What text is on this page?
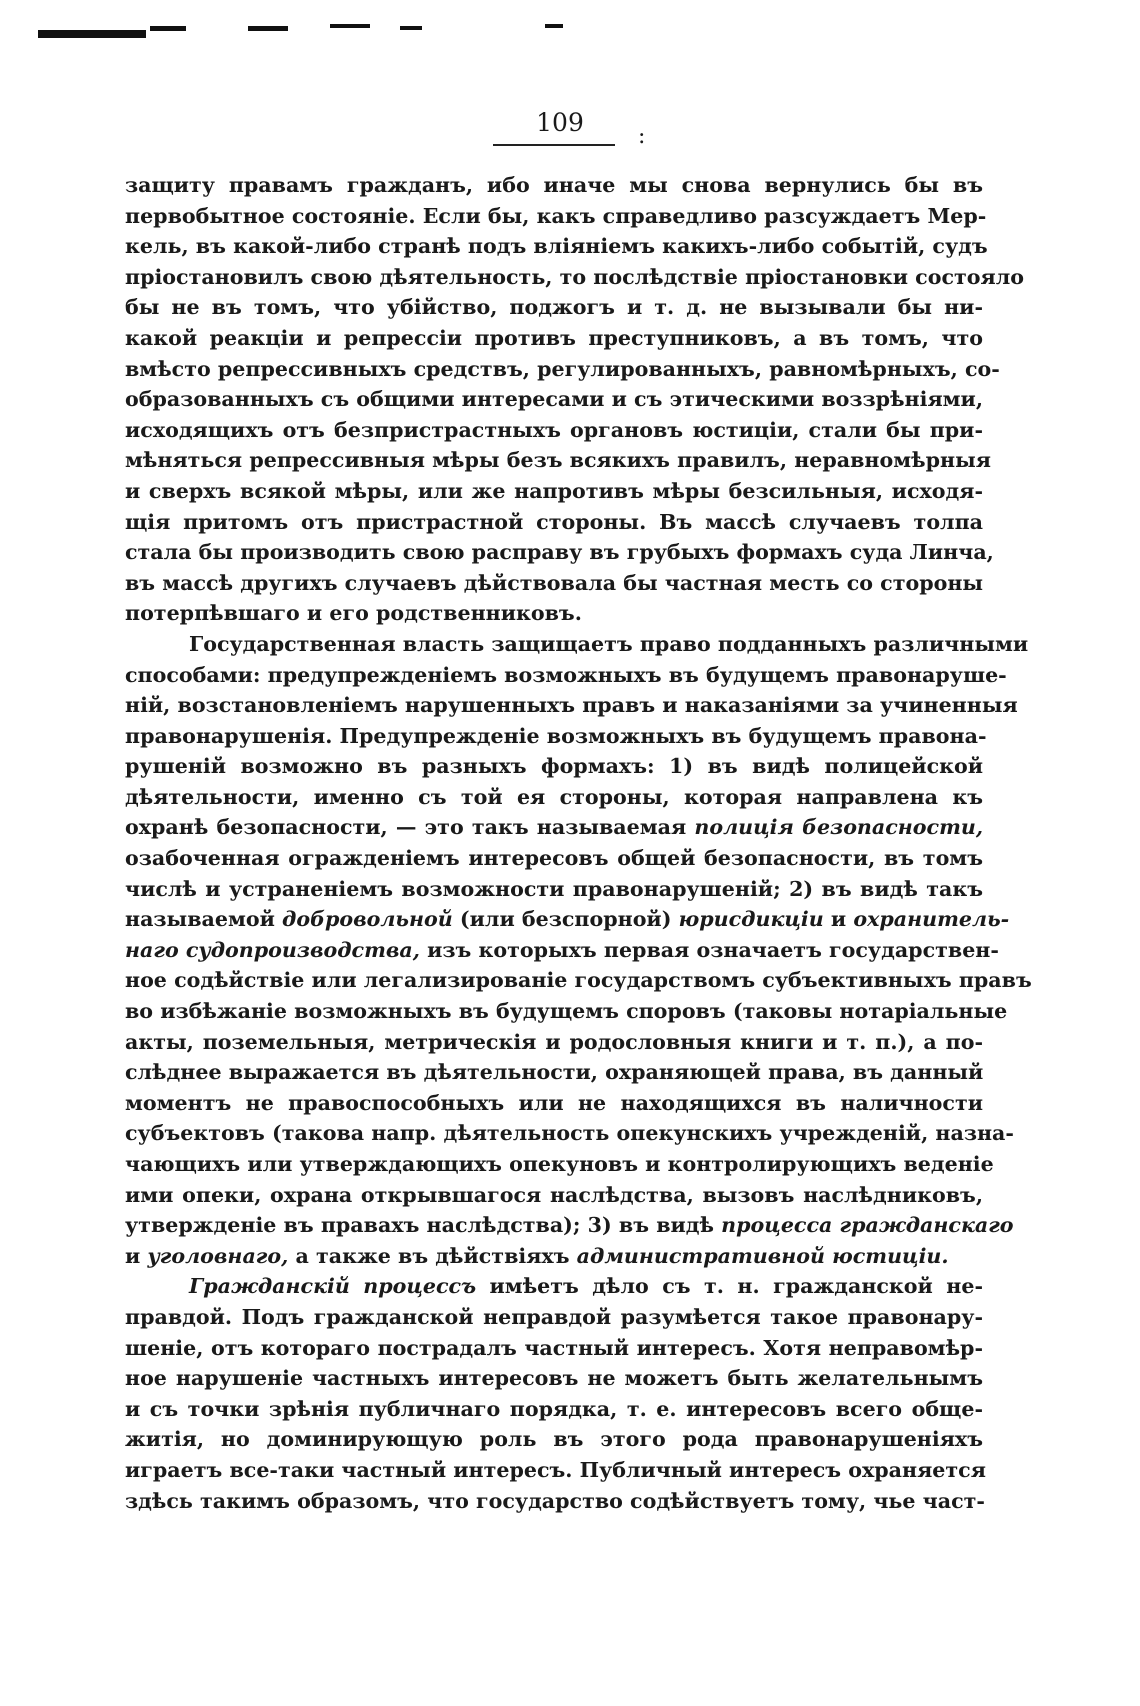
109	:
защиту правамъ гражданъ, ибо иначе мы снова вернулись бы въ
первобытное состояніе. Если бы, какъ справедливо разсуждаетъ Мер-
кель, въ какой-либо странѣ подъ вліяніемъ какихъ-либо событій, судъ
пріостановилъ свою дѣятельность, то послѣдствіе пріостановки состояло
бы не въ томъ, что убійство, поджогъ и т. д. не вызывали бы ни-
какой реакціи и репрессіи противъ преступниковъ, а въ томъ, что
вмѣсто репрессивныхъ средствъ, регулированныхъ, равномѣрныхъ, со-
образованныхъ съ общими интересами и съ этическими воззрѣніями,
исходящихъ отъ безпристрастныхъ органовъ юстиціи, стали бы при-
мѣняться репрессивныя мѣры безъ всякихъ правилъ, неравномѣрныя
и сверхъ всякой мѣры, или же напротивъ мѣры безсильныя, исходя-
щія притомъ отъ пристрастной стороны. Въ массѣ случаевъ толпа
стала бы производить свою расправу въ грубыхъ формахъ суда Линча,
въ массѣ другихъ случаевъ дѣйствовала бы частная месть со стороны
потерпѣвшаго и его родственниковъ.
Государственная власть защищаетъ право подданныхъ различными
способами: предупрежденіемъ возможныхъ въ будущемъ правонаруше-
ній, возстановленіемъ нарушенныхъ правъ и наказаніями за учиненныя
правонарушенія. Предупрежденіе возможныхъ въ будущемъ правона-
рушеній возможно въ разныхъ формахъ: 1) въ видѣ полицейской
дѣятельности, именно съ той ея стороны, которая направлена къ
охранѣ безопасности, — это такъ называемая полиція безопасности,
озабоченная огражденіемъ интересовъ общей безопасности, въ томъ
числѣ и устраненіемъ возможности правонарушеній; 2) въ видѣ такъ
называемой добровольной (или безспорной) юрисдикціи и охранитель-
наго судопроизводства, изъ которыхъ первая означаетъ государствен-
ное содѣйствіе или легализированіе государствомъ субъективныхъ правъ
во избѣжаніе возможныхъ въ будущемъ споровъ (таковы нотаріальные
акты, поземельныя, метрическія и родословныя книги и т. п.), а по-
слѣднее выражается въ дѣятельности, охраняющей права, въ данный
моментъ не правоспособныхъ или не находящихся въ наличности
субъектовъ (такова напр. дѣятельность опекунскихъ учрежденій, назна-
чающихъ или утверждающихъ опекуновъ и контролирующихъ веденіе
ими опеки, охрана открывшагося наслѣдства, вызовъ наслѣдниковъ,
утвержденіе въ правахъ наслѣдства); 3) въ видѣ процесса гражданскаго
и уголовнаго, а также въ дѣйствіяхъ административной юстиціи.
Гражданскій процессъ имѣетъ дѣло съ т. н. гражданской не-
правдой. Подъ гражданской неправдой разумѣется такое правонару-
шеніе, отъ котораго пострадалъ частный интересъ. Хотя неправомѣр-
ное нарушеніе частныхъ интересовъ не можетъ быть желательнымъ
и съ точки зрѣнія публичнаго порядка, т. е. интересовъ всего обще-
житія, но доминирующую роль въ этого рода правонарушеніяхъ
играетъ все-таки частный интересъ. Публичный интересъ охраняется
здѣсь такимъ образомъ, что государство содѣйствуетъ тому, чье част-
